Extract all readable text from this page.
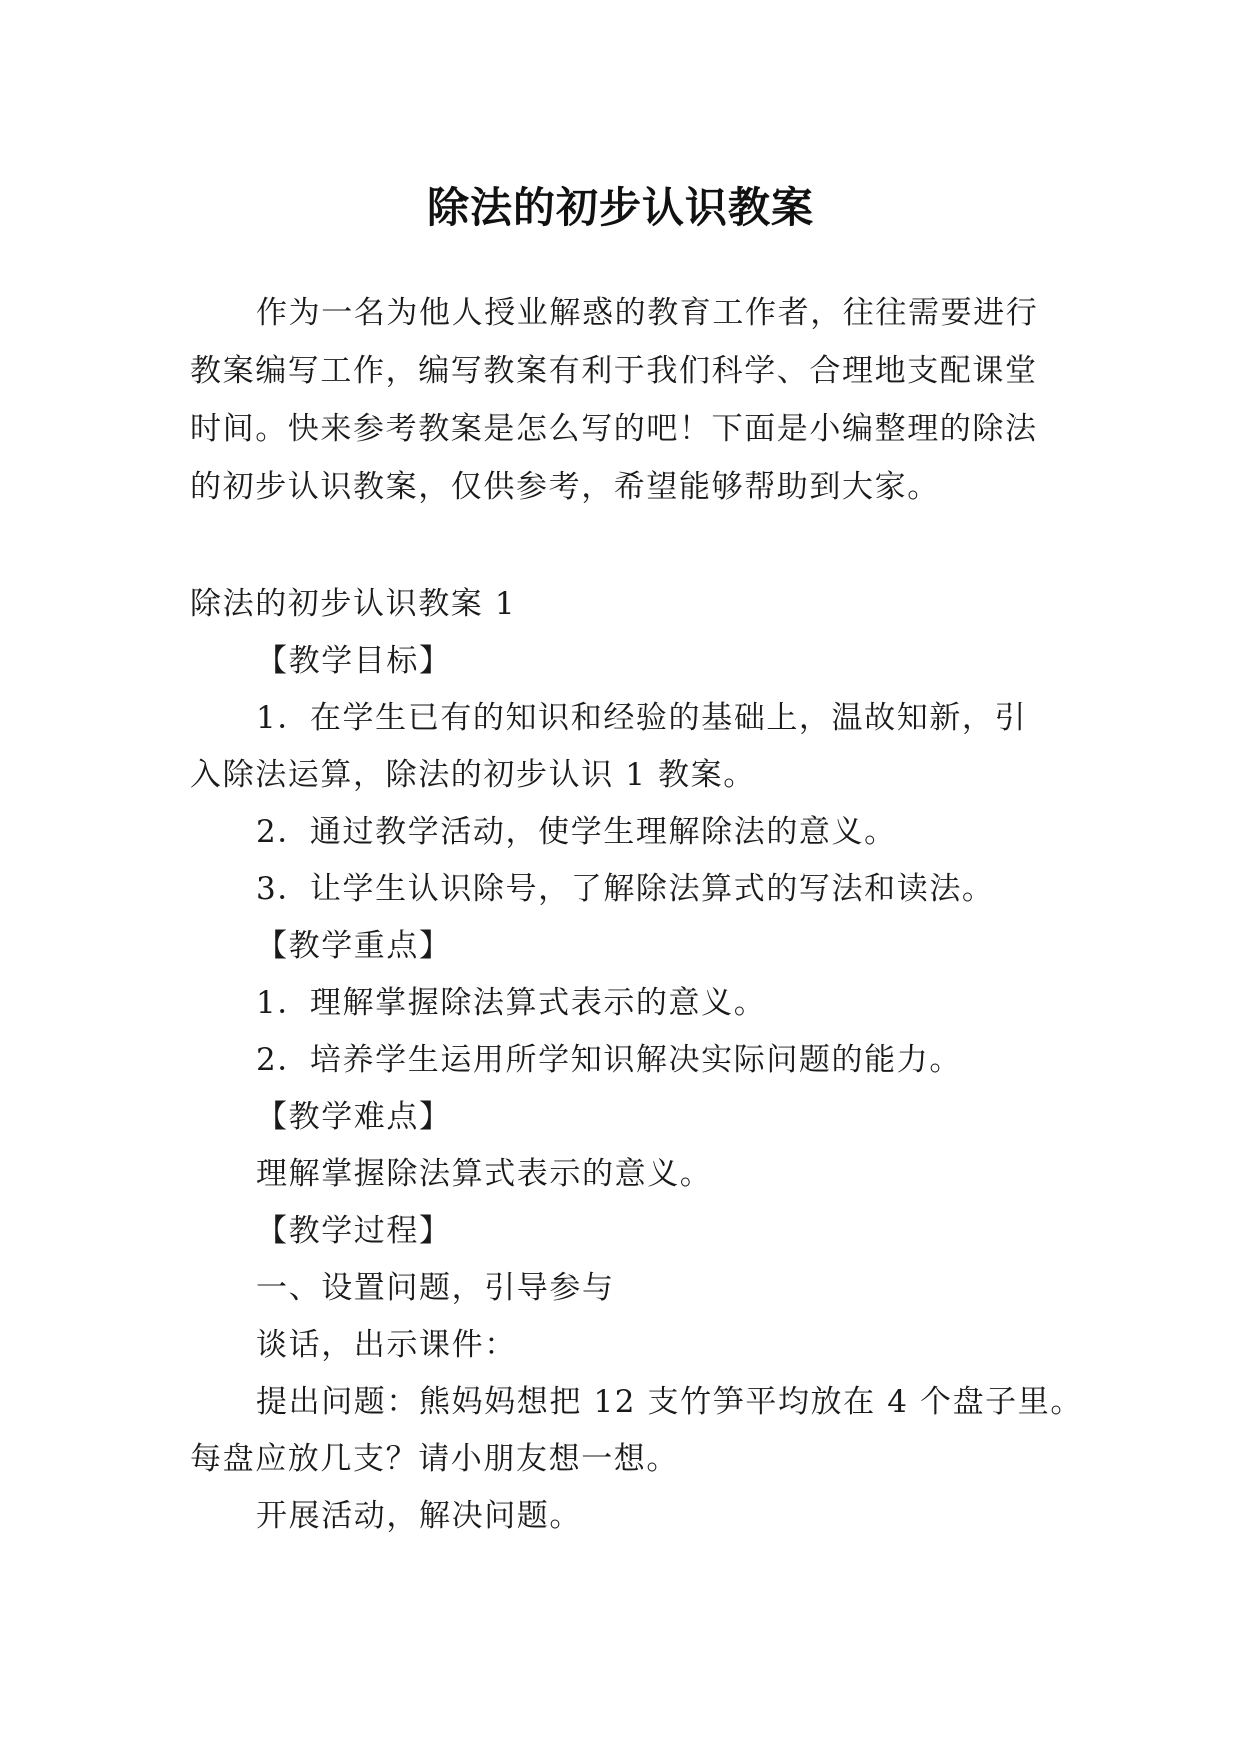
除法的初步认识教案

作为一名为他人授业解惑的教育工作者，往往需要进行教案编写工作，编写教案有利于我们科学、合理地支配课堂时间。快来参考教案是怎么写的吧！下面是小编整理的除法的初步认识教案，仅供参考，希望能够帮助到大家。

除法的初步认识教案 1

【教学目标】

1．在学生已有的知识和经验的基础上，温故知新，引

入除法运算，除法的初步认识 1 教案。

2．通过教学活动，使学生理解除法的意义。

3．让学生认识除号，了解除法算式的写法和读法。

【教学重点】

1．理解掌握除法算式表示的意义。

2．培养学生运用所学知识解决实际问题的能力。

【教学难点】

理解掌握除法算式表示的意义。

【教学过程】

一、设置问题，引导参与

谈话，出示课件：

提出问题：熊妈妈想把 12 支竹笋平均放在 4 个盘子里。

每盘应放几支？请小朋友想一想。

开展活动，解决问题。
